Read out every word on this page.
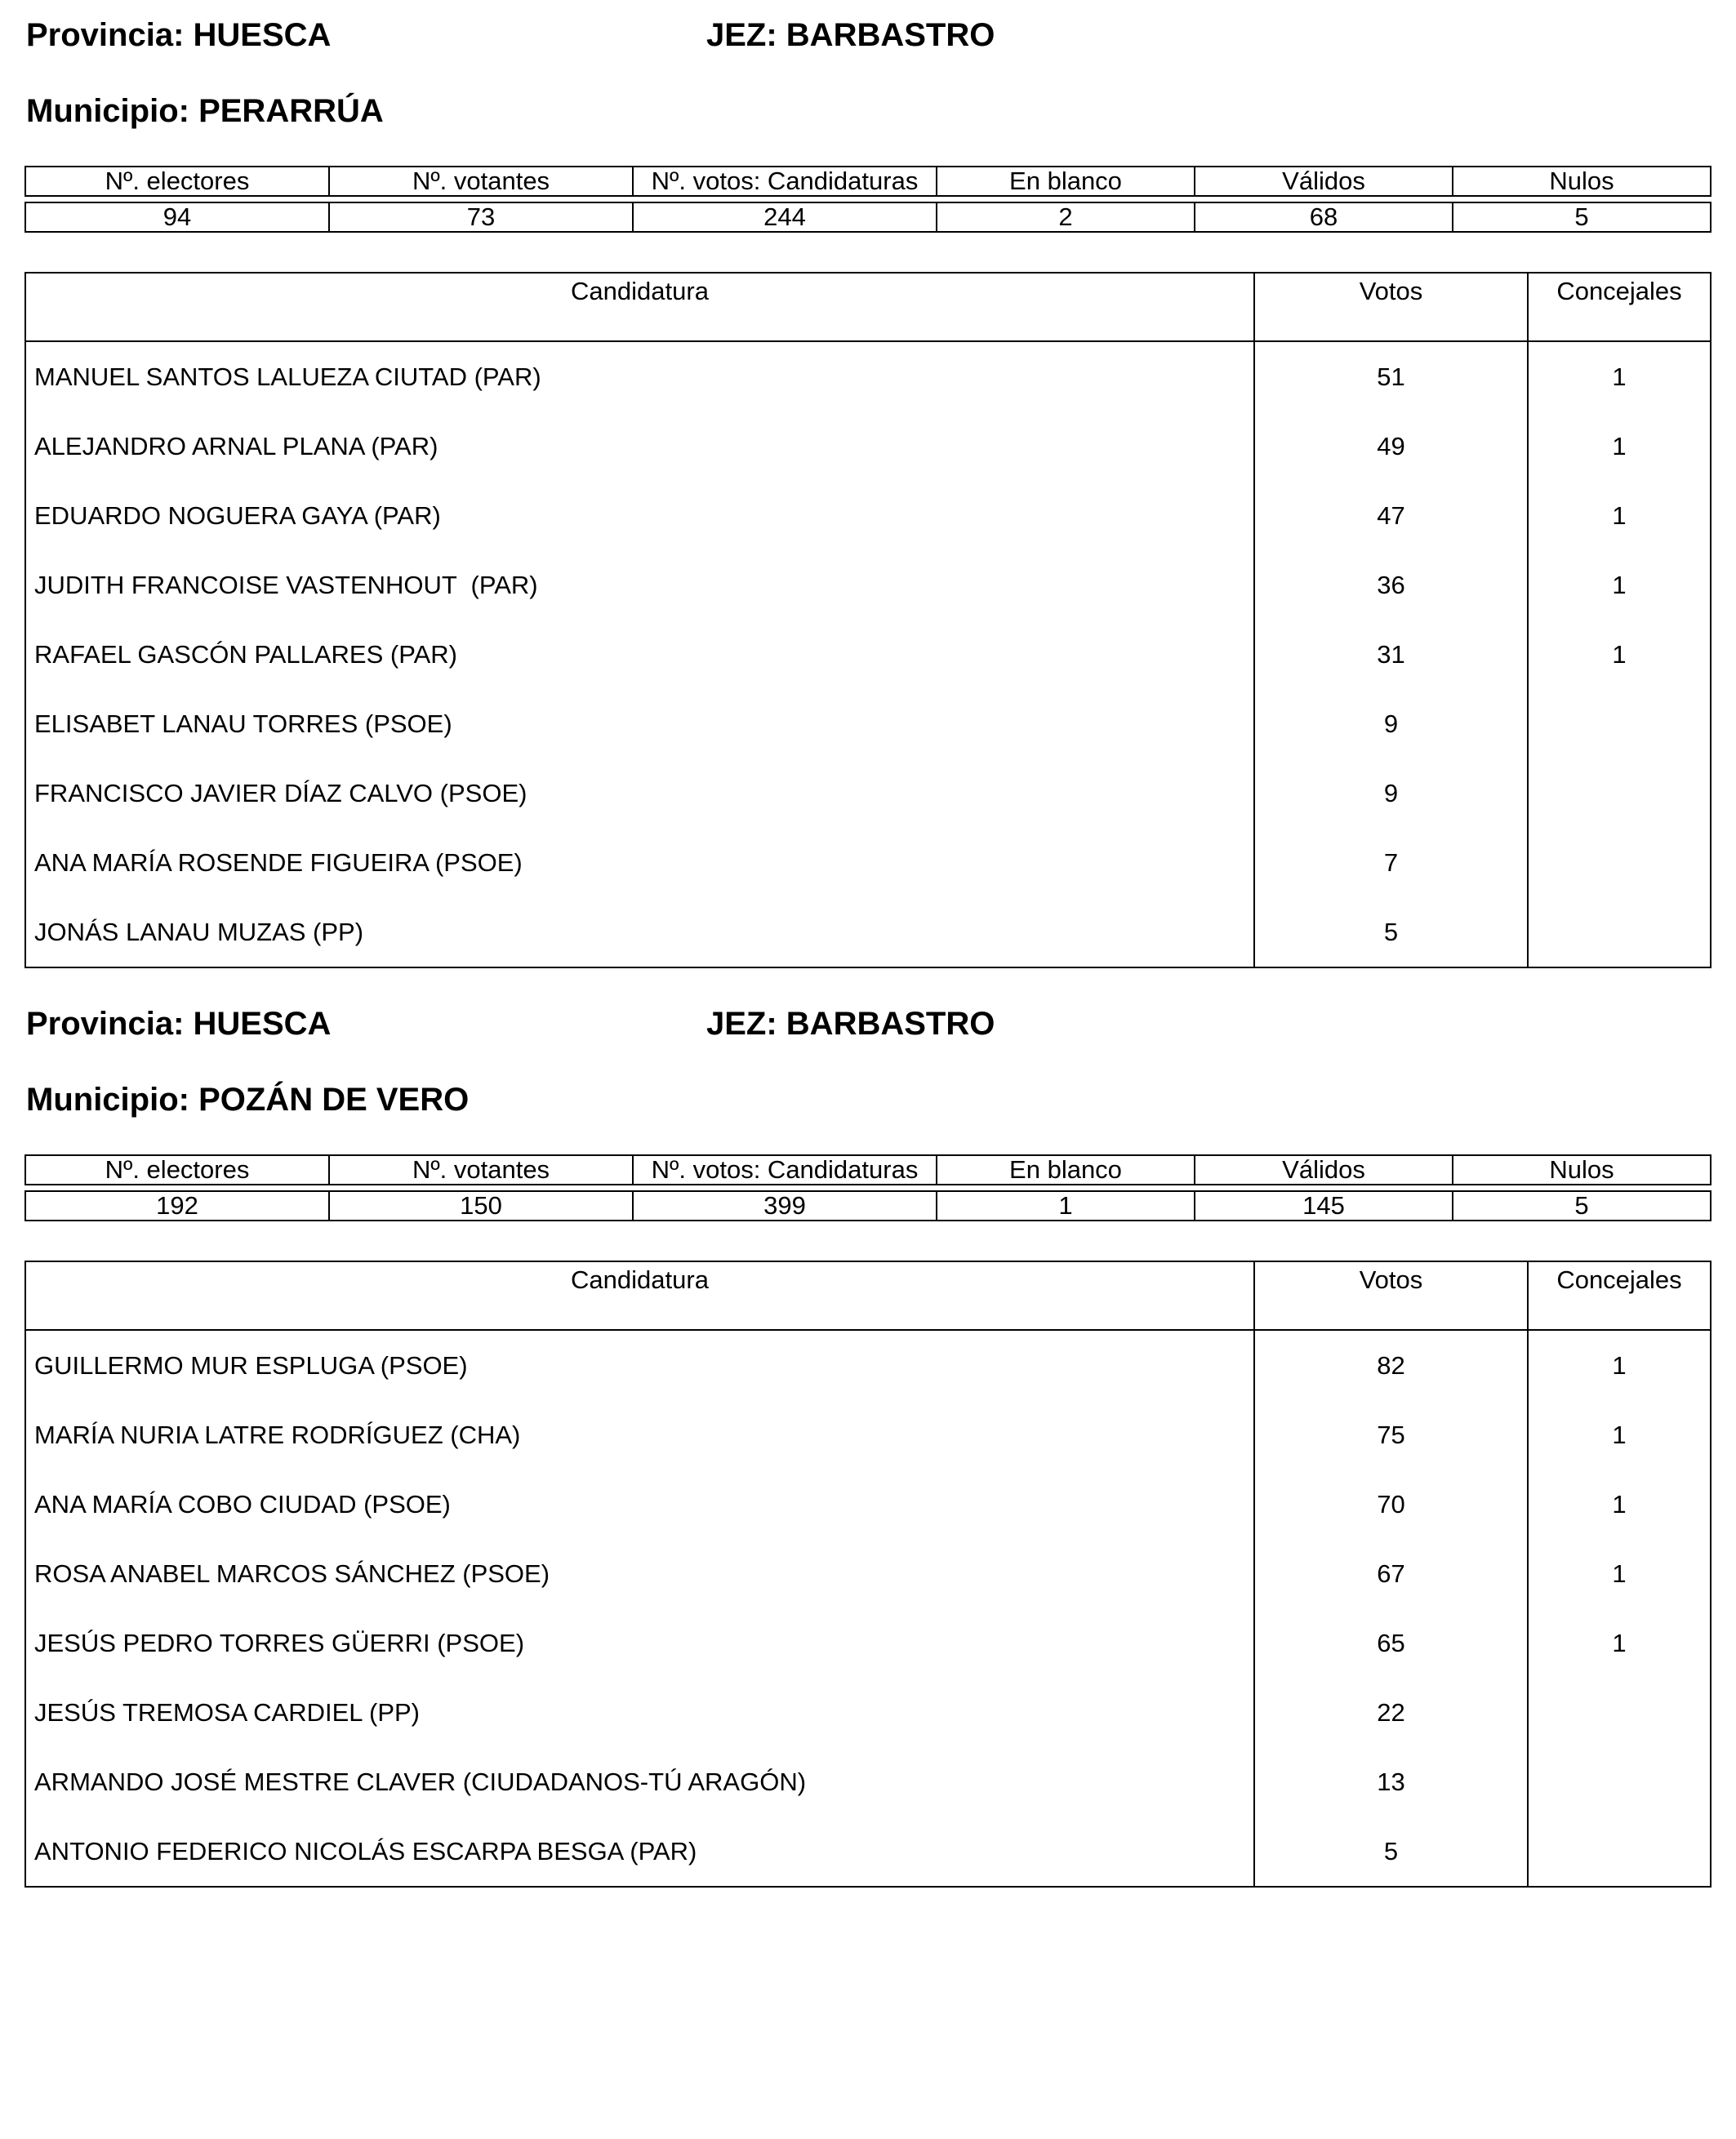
Provincia: HUESCA	JEZ: BARBASTRO
Municipio: PERARRÚA
Nº. electores	Nº. votantes	Nº. votos: Candidaturas	En blanco	Válidos	Nulos

94	73	244	2	68	5
Candidatura	Votos	Concejales
MANUEL SANTOS LALUEZA CIUTAD (PAR)	51	1
ALEJANDRO ARNAL PLANA (PAR)	49	1
EDUARDO NOGUERA GAYA (PAR)	47	1
JUDITH FRANCOISE VASTENHOUT  (PAR)	36	1
RAFAEL GASCÓN PALLARES (PAR)	31	1
ELISABET LANAU TORRES (PSOE)	9	
FRANCISCO JAVIER DÍAZ CALVO (PSOE)	9	
ANA MARÍA ROSENDE FIGUEIRA (PSOE)	7	
JONÁS LANAU MUZAS (PP)	5	
Provincia: HUESCA	JEZ: BARBASTRO
Municipio: POZÁN DE VERO
Nº. electores	Nº. votantes	Nº. votos: Candidaturas	En blanco	Válidos	Nulos

192	150	399	1	145	5
Candidatura	Votos	Concejales
GUILLERMO MUR ESPLUGA (PSOE)	82	1
MARÍA NURIA LATRE RODRÍGUEZ (CHA)	75	1
ANA MARÍA COBO CIUDAD (PSOE)	70	1
ROSA ANABEL MARCOS SÁNCHEZ (PSOE)	67	1
JESÚS PEDRO TORRES GÜERRI (PSOE)	65	1
JESÚS TREMOSA CARDIEL (PP)	22	
ARMANDO JOSÉ MESTRE CLAVER (CIUDADANOS-TÚ ARAGÓN)	13	
ANTONIO FEDERICO NICOLÁS ESCARPA BESGA (PAR)	5	
